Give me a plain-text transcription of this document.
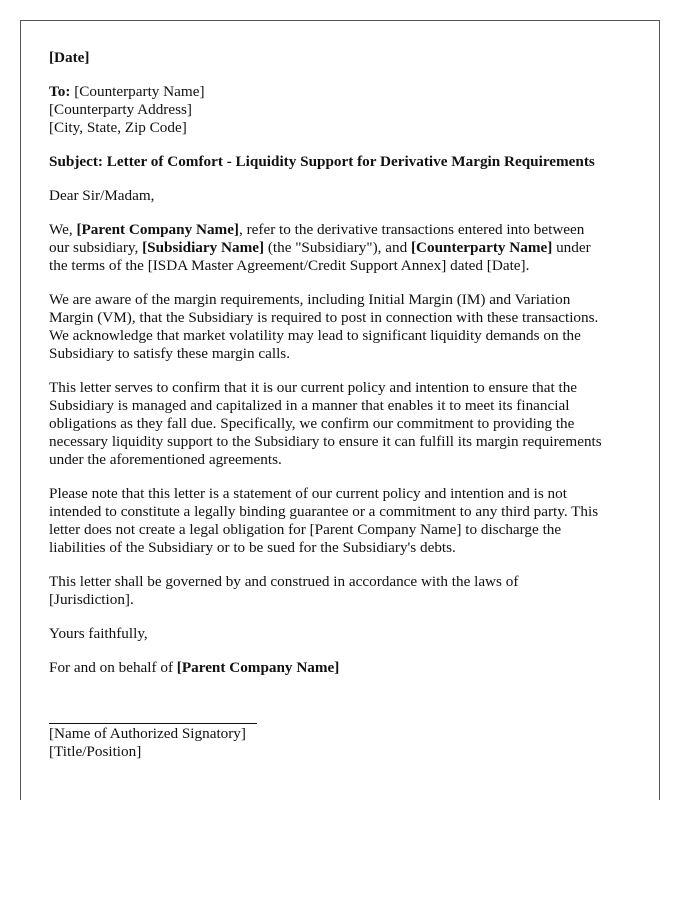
[Date]
To: [Counterparty Name]
[Counterparty Address]
[City, State, Zip Code]
Subject: Letter of Comfort - Liquidity Support for Derivative Margin Requirements
Dear Sir/Madam,
We, [Parent Company Name], refer to the derivative transactions entered into between
our subsidiary, [Subsidiary Name] (the "Subsidiary"), and [Counterparty Name] under
the terms of the [ISDA Master Agreement/Credit Support Annex] dated [Date].
We are aware of the margin requirements, including Initial Margin (IM) and Variation
Margin (VM), that the Subsidiary is required to post in connection with these transactions.
We acknowledge that market volatility may lead to significant liquidity demands on the
Subsidiary to satisfy these margin calls.
This letter serves to confirm that it is our current policy and intention to ensure that the
Subsidiary is managed and capitalized in a manner that enables it to meet its financial
obligations as they fall due. Specifically, we confirm our commitment to providing the
necessary liquidity support to the Subsidiary to ensure it can fulfill its margin requirements
under the aforementioned agreements.
Please note that this letter is a statement of our current policy and intention and is not
intended to constitute a legally binding guarantee or a commitment to any third party. This
letter does not create a legal obligation for [Parent Company Name] to discharge the
liabilities of the Subsidiary or to be sued for the Subsidiary's debts.
This letter shall be governed by and construed in accordance with the laws of
[Jurisdiction].
Yours faithfully,
For and on behalf of [Parent Company Name]
[Name of Authorized Signatory]
[Title/Position]
